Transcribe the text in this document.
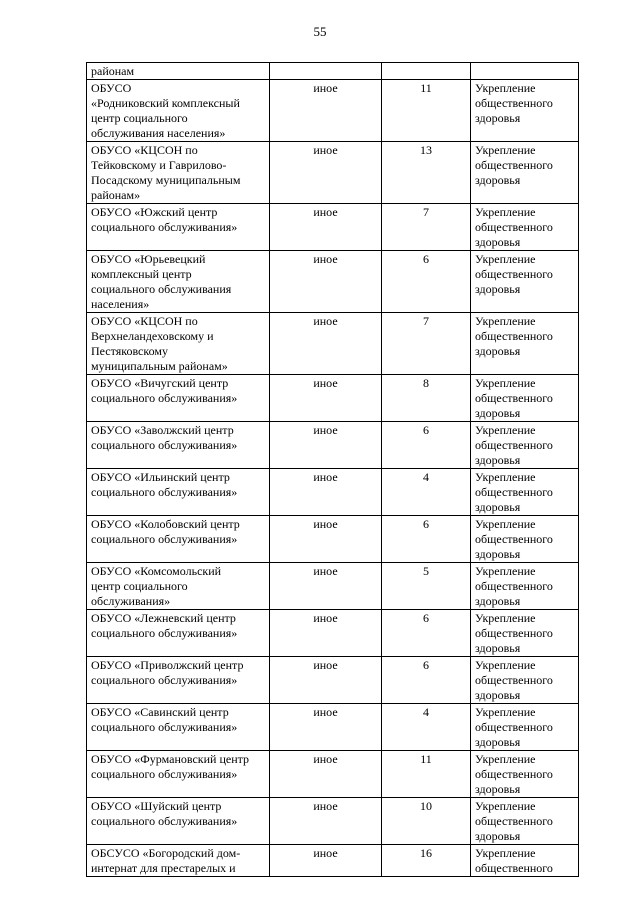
55
районам			

ОБУСО
«Родниковский комплексный
центр социального
обслуживания населения»	иное	11	Укрепление
общественного
здоровья

ОБУСО «КЦСОН по
Тейковскому и Гаврилово-
Посадскому муниципальным
районам»	иное	13	Укрепление
общественного
здоровья

ОБУСО «Южский центр
социального обслуживания»	иное	7	Укрепление
общественного
здоровья

ОБУСО «Юрьевецкий
комплексный центр
социального обслуживания
населения»	иное	6	Укрепление
общественного
здоровья

ОБУСО «КЦСОН по
Верхнеландеховскому и
Пестяковскому
муниципальным районам»	иное	7	Укрепление
общественного
здоровья

ОБУСО «Вичугский центр
социального обслуживания»	иное	8	Укрепление
общественного
здоровья

ОБУСО «Заволжский центр
социального обслуживания»	иное	6	Укрепление
общественного
здоровья

ОБУСО «Ильинский центр
социального обслуживания»	иное	4	Укрепление
общественного
здоровья

ОБУСО «Колобовский центр
социального обслуживания»	иное	6	Укрепление
общественного
здоровья

ОБУСО «Комсомольский
центр социального
обслуживания»	иное	5	Укрепление
общественного
здоровья

ОБУСО «Лежневский центр
социального обслуживания»	иное	6	Укрепление
общественного
здоровья

ОБУСО «Приволжский центр
социального обслуживания»	иное	6	Укрепление
общественного
здоровья

ОБУСО «Савинский центр
социального обслуживания»	иное	4	Укрепление
общественного
здоровья

ОБУСО «Фурмановский центр
социального обслуживания»	иное	11	Укрепление
общественного
здоровья

ОБУСО «Шуйский центр
социального обслуживания»	иное	10	Укрепление
общественного
здоровья

ОБСУСО «Богородский дом-
интернат для престарелых и	иное	16	Укрепление
общественного
